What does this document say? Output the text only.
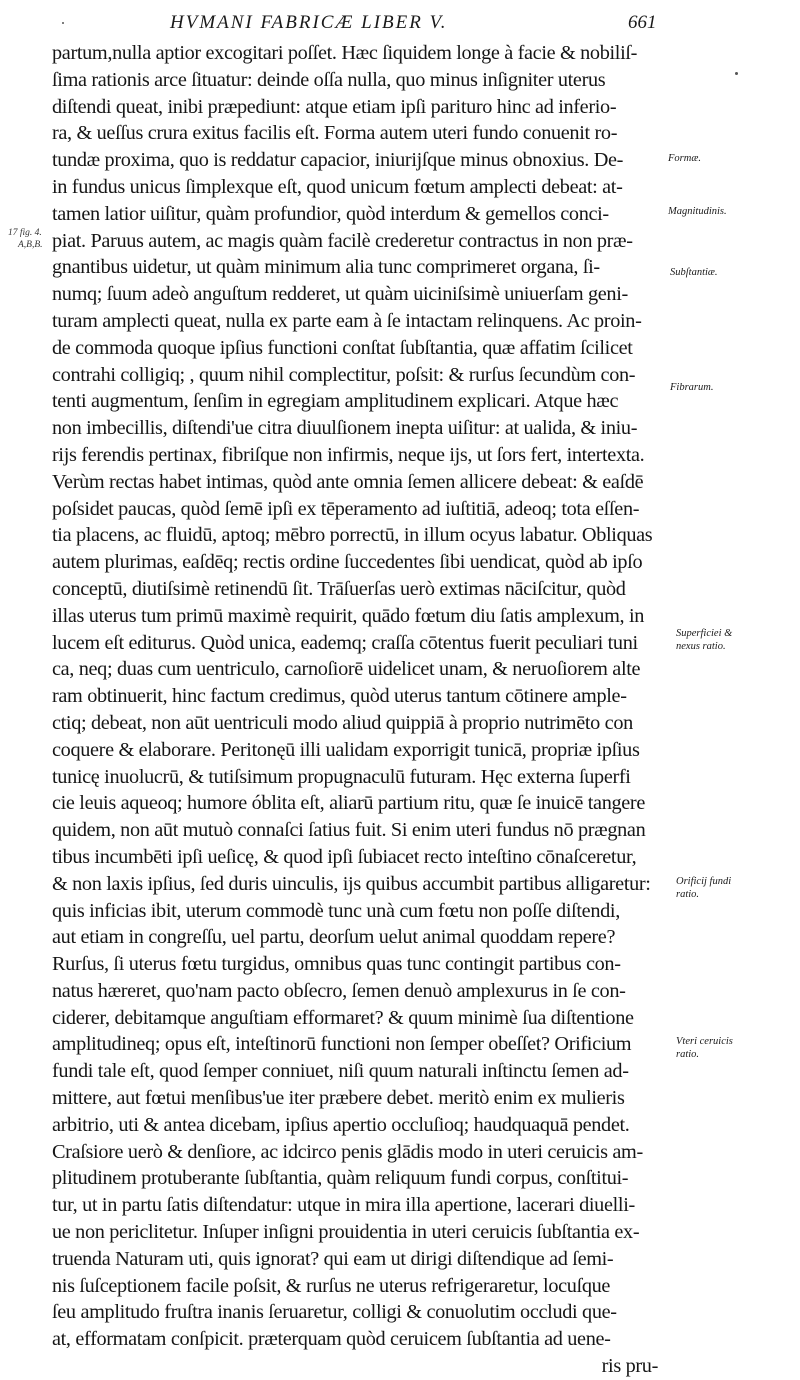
HVMANI FABRICÆ LIBER V.	661
partum,nulla aptior excogitari poſſet. Hæc ſiquidem longe à facie & nobiliſ-
ſima rationis arce ſituatur: deinde oſſa nulla, quo minus inſigniter uterus
diſtendi queat, inibi præpediunt: atque etiam ipſi parituro hinc ad inferio-
ra, & ueſſus crura exitus facilis eſt. Forma autem uteri fundo conuenit ro-
tundæ proxima, quo is reddatur capacior, iniurijſque minus obnoxius. De-
in fundus unicus ſimplexque eſt, quod unicum fœtum amplecti debeat: at-
tamen latior uiſitur, quàm profundior, quòd interdum & gemellos conci-
piat. Paruus autem, ac magis quàm facilè crederetur contractus in non præ-
gnantibus uidetur, ut quàm minimum alia tunc comprimeret organa, ſi-
numq; ſuum adeò anguſtum redderet, ut quàm uiciniſsimè uniuerſam geni-
turam amplecti queat, nulla ex parte eam à ſe intactam relinquens. Ac proin-
de commoda quoque ipſius functioni conſtat ſubſtantia, quæ affatim ſcilicet
contrahi colligiq; , quum nihil complectitur, poſsit: & rurſus ſecundùm con-
tenti augmentum, ſenſim in egregiam amplitudinem explicari. Atque hæc
non imbecillis, diſtendi'ue citra diuulſionem inepta uiſitur: at ualida, & iniu-
rijs ferendis pertinax, fibriſque non infirmis, neque ijs, ut ſors fert, intertexta.
Verùm rectas habet intimas, quòd ante omnia ſemen allicere debeat: & eaſdē
poſsidet paucas, quòd ſemē ipſi ex tēperamento ad iuſtitiā, adeoq; tota eſſen-
tia placens, ac fluidū, aptoq; mēbro porrectū, in illum ocyus labatur. Obliquas
autem plurimas, eaſdēq; rectis ordine ſuccedentes ſibi uendicat, quòd ab ipſo
conceptū, diutiſsimè retinendū ſit. Trāſuerſas uerò extimas nāciſcitur, quòd
illas uterus tum primū maximè requirit, quādo fœtum diu ſatis amplexum, in
lucem eſt editurus. Quòd unica, eademq; craſſa cōtentus fuerit peculiari tuni
ca, neq; duas cum uentriculo, carnoſiorē uidelicet unam, & neruoſiorem alte
ram obtinuerit, hinc factum credimus, quòd uterus tantum cōtinere ample-
ctiq; debeat, non aūt uentriculi modo aliud quippiā à proprio nutrimēto con
coquere & elaborare. Peritonęū illi ualidam exporrigit tunicā, propriæ ipſius
tunicę inuolucrū, & tutiſsimum propugnaculū futuram. Hęc externa ſuperfi
cie leuis aqueoq; humore óblita eſt, aliarū partium ritu, quæ ſe inuicē tangere
quidem, non aūt mutuò connaſci ſatius fuit. Si enim uteri fundus nō prægnan
tibus incumbēti ipſi ueſicę, & quod ipſi ſubiacet recto inteſtino cōnaſceretur,
& non laxis ipſius, ſed duris uinculis, ijs quibus accumbit partibus alligaretur:
quis inficias ibit, uterum commodè tunc unà cum fœtu non poſſe diſtendi,
aut etiam in congreſſu, uel partu, deorſum uelut animal quoddam repere?
Rurſus, ſi uterus fœtu turgidus, omnibus quas tunc contingit partibus con-
natus hæreret, quo'nam pacto obſecro, ſemen denuò amplexurus in ſe con-
ciderer, debitamque anguſtiam efformaret? & quum minimè ſua diſtentione
amplitudineq; opus eſt, inteſtinorū functioni non ſemper obeſſet? Orificium
fundi tale eſt, quod ſemper conniuet, niſi quum naturali inſtinctu ſemen ad-
mittere, aut fœtui menſibus'ue iter præbere debet. meritò enim ex mulieris
arbitrio, uti & antea dicebam, ipſius apertio occluſioq; haudquaquā pendet.
Craſsiore uerò & denſiore, ac idcirco penis glādis modo in uteri ceruicis am-
plitudinem protuberante ſubſtantia, quàm reliquum fundi corpus, conſtitui-
tur, ut in partu ſatis diſtendatur: utque in mira illa apertione, lacerari diuelli-
ue non periclitetur. Inſuper inſigni prouidentia in uteri ceruicis ſubſtantia ex-
truenda Naturam uti, quis ignorat? qui eam ut dirigi diſtendique ad ſemi-
nis ſuſceptionem facile poſsit, & rurſus ne uterus refrigeraretur, locuſque
ſeu amplitudo fruſtra inanis ſeruaretur, colligi & conuolutim occludi que-
at, efformatam conſpicit. præterquam quòd ceruicem ſubſtantia ad uene-
ris pru-
Formæ.
Magnitudinis.
Subſtantiæ.
Fibrarum.
Superficiei &
nexus ratio.
Orificij fundi
ratio.
Vteri ceruicis
ratio.
17 fig. 4.
A,B,B.
